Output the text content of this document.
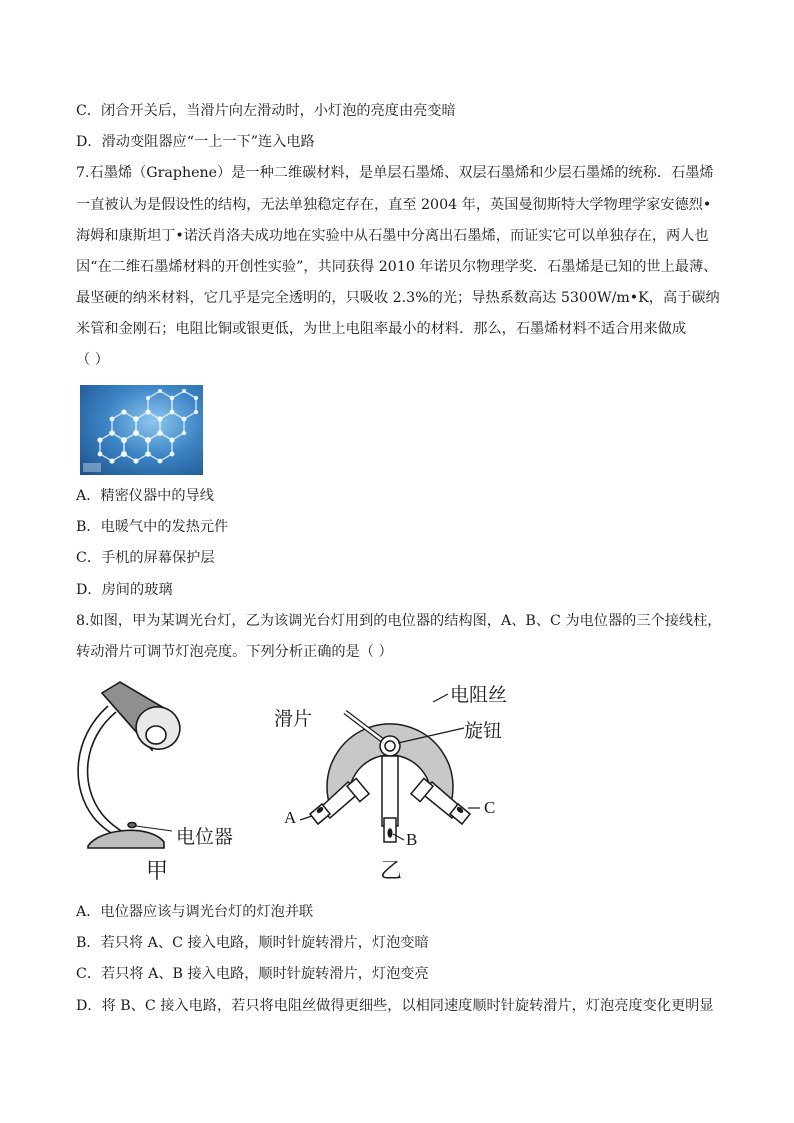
C．闭合开关后，当滑片向左滑动时，小灯泡的亮度由亮变暗
D．滑动变阻器应“一上一下”连入电路
7.石墨烯（Graphene）是一种二维碳材料，是单层石墨烯、双层石墨烯和少层石墨烯的统称．石墨烯
一直被认为是假设性的结构，无法单独稳定存在，直至 2004 年，英国曼彻斯特大学物理学家安德烈•
海姆和康斯坦丁•诺沃肖洛夫成功地在实验中从石墨中分离出石墨烯，而证实它可以单独存在，两人也
因“在二维石墨烯材料的开创性实验”，共同获得 2010 年诺贝尔物理学奖．石墨烯是已知的世上最薄、
最坚硬的纳米材料，它几乎是完全透明的，只吸收 2.3%的光；导热系数高达 5300W/m•K，高于碳纳
米管和金刚石；电阻比铜或银更低，为世上电阻率最小的材料．那么，石墨烯材料不适合用来做成
（ ）
A．精密仪器中的导线
B．电暖气中的发热元件
C．手机的屏幕保护层
D．房间的玻璃
8.如图，甲为某调光台灯，乙为该调光台灯用到的电位器的结构图，A、B、C 为电位器的三个接线柱，
转动滑片可调节灯泡亮度。下列分析正确的是（ ）
电位器
甲	乙
电阻丝
滑片
旋钮
A
B
C
A．电位器应该与调光台灯的灯泡并联
B．若只将 A、C 接入电路，顺时针旋转滑片，灯泡变暗
C．若只将 A、B 接入电路，顺时针旋转滑片，灯泡变亮
D．将 B、C 接入电路，若只将电阻丝做得更细些，以相同速度顺时针旋转滑片，灯泡亮度变化更明显
